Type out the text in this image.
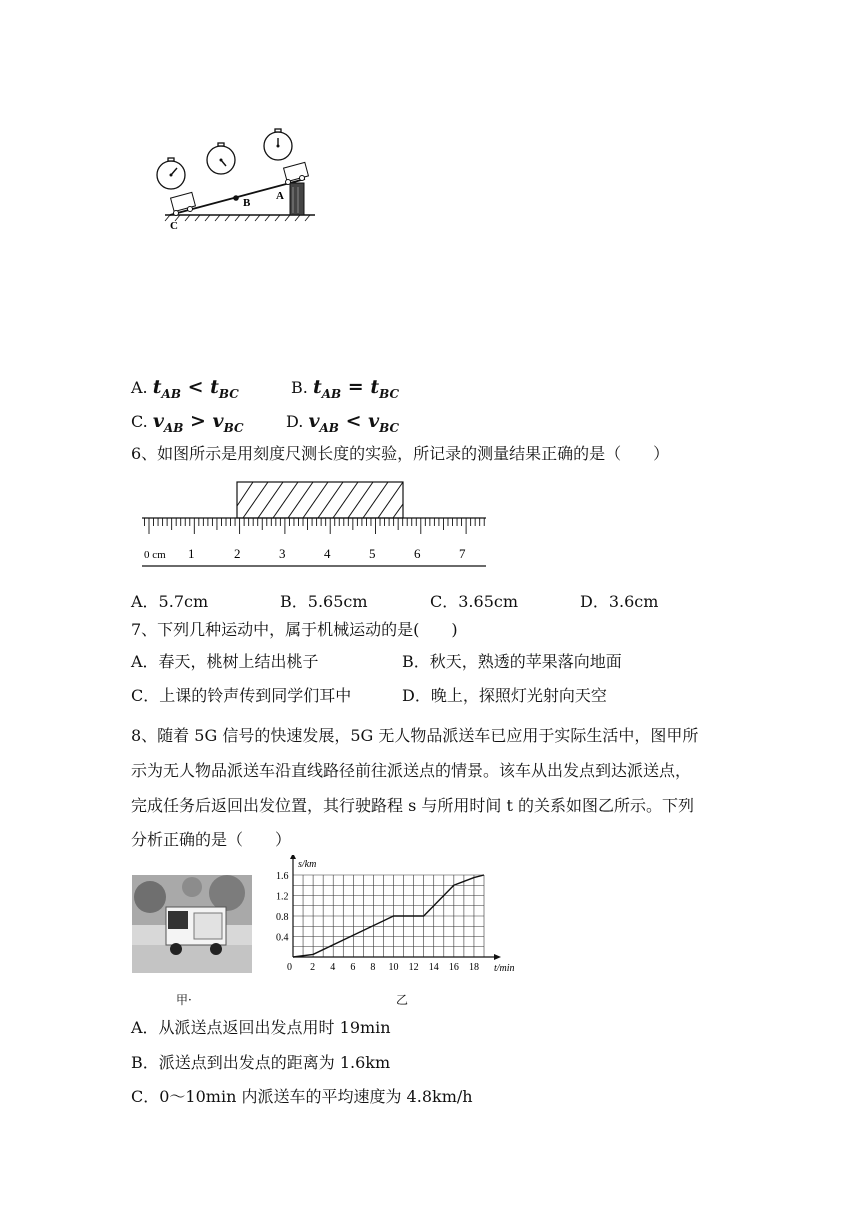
C
B
A
A. $t_{AB} < t_{BC}$	B. $t_{AB} = t_{BC}$
C. $v_{AB} > v_{BC}$	D. $v_{AB} < v_{BC}$
6、如图所示是用刻度尺测长度的实验，所记录的测量结果正确的是（　　）
0 cm 1	2	3	4	5	6	7
A．5.7cm	B．5.65cm	C．3.65cm	D．3.6cm
7、下列几种运动中，属于机械运动的是(　　)
A．春天，桃树上结出桃子	B．秋天，熟透的苹果落向地面
C．上课的铃声传到同学们耳中	D．晚上，探照灯光射向天空
8、随着 5G 信号的快速发展，5G 无人物品派送车已应用于实际生活中，图甲所
示为无人物品派送车沿直线路径前往派送点的情景。该车从出发点到达派送点，
完成任务后返回出发位置，其行驶路程 s 与所用时间 t 的关系如图乙所示。下列
分析正确的是（　　）
甲·
0 2 4 6 8 10 12 14 16 18
0.4
0.8
1.2
1.6
s/km
t/min
乙
A．从派送点返回出发点用时 19min
B．派送点到出发点的距离为 1.6km
C．0～10min 内派送车的平均速度为 4.8km/h
